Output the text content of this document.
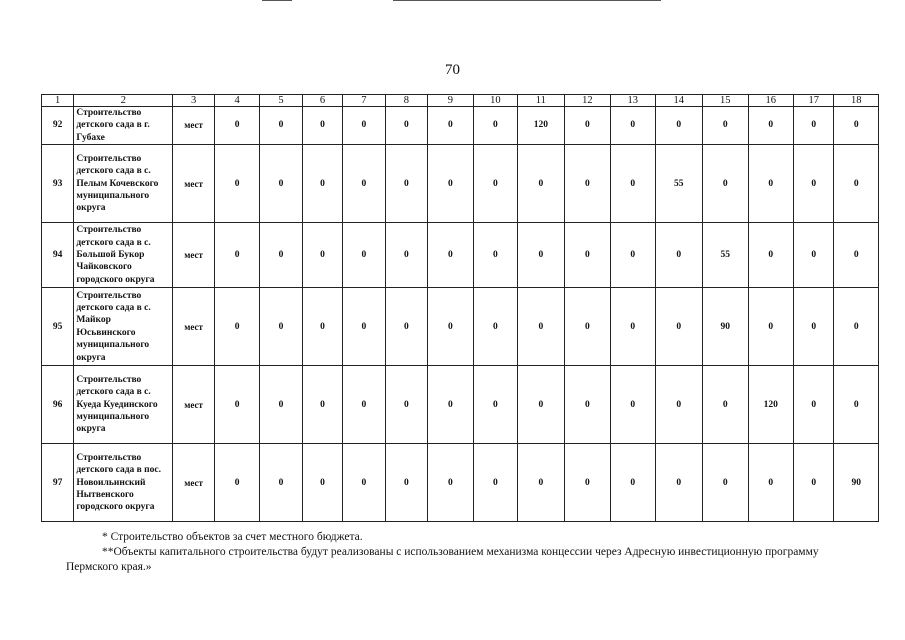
70
1	2	3	4	5	6	7	8	9	10	11	12	13	14	15	16	17	18
92	Строительство детского сада в г. Губахе	мест	0	0	0	0	0	0	0	120	0	0	0	0	0	0	0
93	Строительство детского сада в с. Пелым Кочевского муниципального округа	мест	0	0	0	0	0	0	0	0	0	0	55	0	0	0	0
94	Строительство детского сада в с. Большой Букор Чайковского городского округа	мест	0	0	0	0	0	0	0	0	0	0	0	55	0	0	0
95	Строительство детского сада в с. Майкор Юсьвинского муниципального округа	мест	0	0	0	0	0	0	0	0	0	0	0	90	0	0	0
96	Строительство детского сада в с. Куеда Куединского муниципального округа	мест	0	0	0	0	0	0	0	0	0	0	0	0	120	0	0
97	Строительство детского сада в пос. Новоильинский Нытвенского городского округа	мест	0	0	0	0	0	0	0	0	0	0	0	0	0	0	90

* Строительство объектов за счет местного бюджета.

**Объекты капитального строительства будут реализованы с использованием механизма концессии через Адресную инвестиционную программу Пермского края.»
